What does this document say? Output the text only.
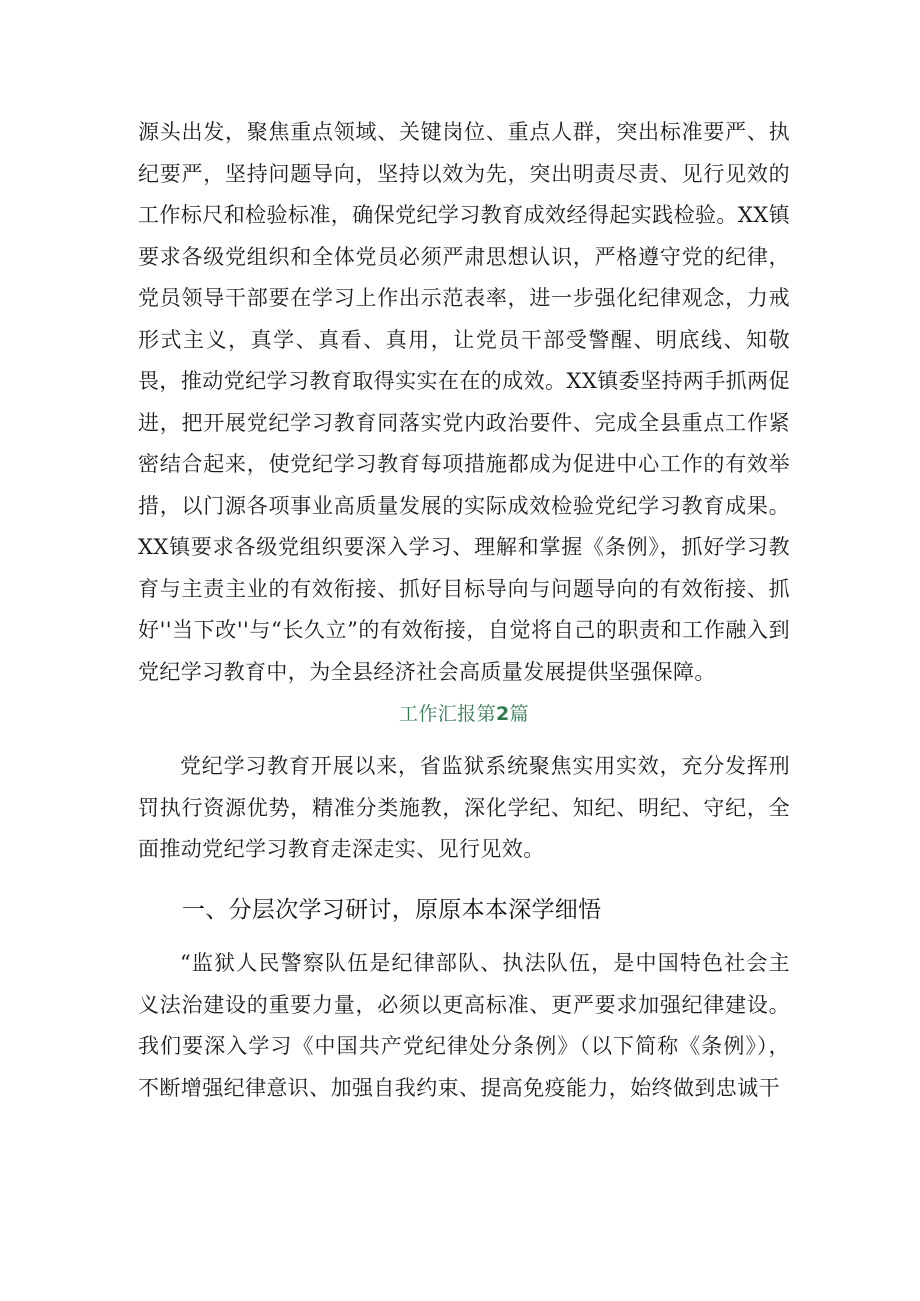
源头出发，聚焦重点领域、关键岗位、重点人群，突出标准要严、执纪要严，坚持问题导向，坚持以效为先，突出明责尽责、见行见效的工作标尺和检验标准，确保党纪学习教育成效经得起实践检验。XX镇要求各级党组织和全体党员必须严肃思想认识，严格遵守党的纪律，党员领导干部要在学习上作出示范表率，进一步强化纪律观念，力戒形式主义，真学、真看、真用，让党员干部受警醒、明底线、知敬畏，推动党纪学习教育取得实实在在的成效。XX镇委坚持两手抓两促进，把开展党纪学习教育同落实党内政治要件、完成全县重点工作紧密结合起来，使党纪学习教育每项措施都成为促进中心工作的有效举措，以门源各项事业高质量发展的实际成效检验党纪学习教育成果。XX镇要求各级党组织要深入学习、理解和掌握《条例》，抓好学习教育与主责主业的有效衔接、抓好目标导向与问题导向的有效衔接、抓好''当下改''与“长久立”的有效衔接，自觉将自己的职责和工作融入到党纪学习教育中，为全县经济社会高质量发展提供坚强保障。

工作汇报第2篇

党纪学习教育开展以来，省监狱系统聚焦实用实效，充分发挥刑罚执行资源优势，精准分类施教，深化学纪、知纪、明纪、守纪，全面推动党纪学习教育走深走实、见行见效。

一、分层次学习研讨，原原本本深学细悟

“监狱人民警察队伍是纪律部队、执法队伍，是中国特色社会主义法治建设的重要力量，必须以更高标准、更严要求加强纪律建设。我们要深入学习《中国共产党纪律处分条例》（以下简称《条例》），不断增强纪律意识、加强自我约束、提高免疫能力，始终做到忠诚干
